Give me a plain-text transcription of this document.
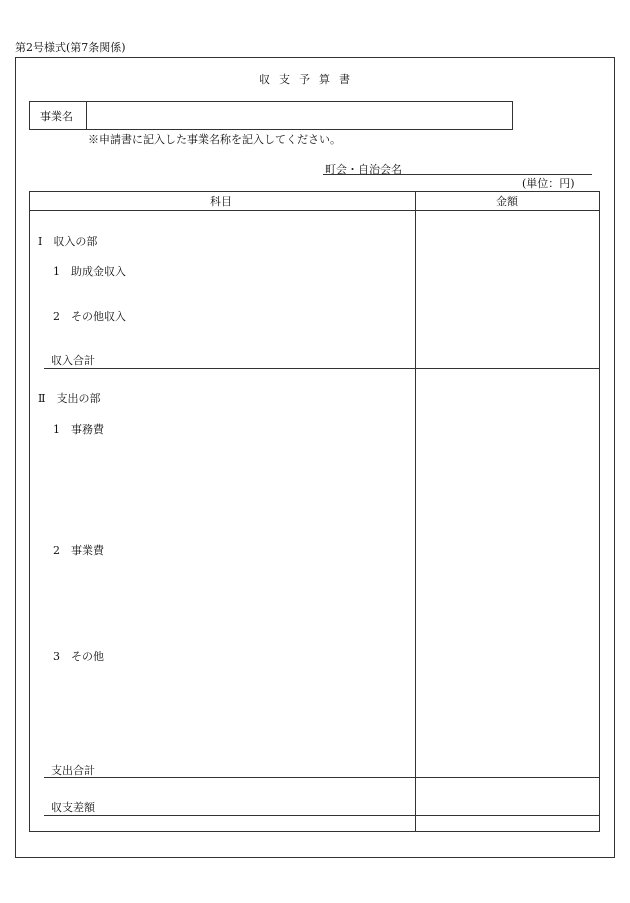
第2号様式(第7条関係)
収支予算書
事業名
※申請書に記入した事業名称を記入してください。
町会・自治会名
(単位：円)
科目	金額
Ⅰ　収入の部
1　助成金収入
2　その他収入
収入合計
Ⅱ　支出の部
1　事務費
2　事業費
3　その他
支出合計
収支差額
